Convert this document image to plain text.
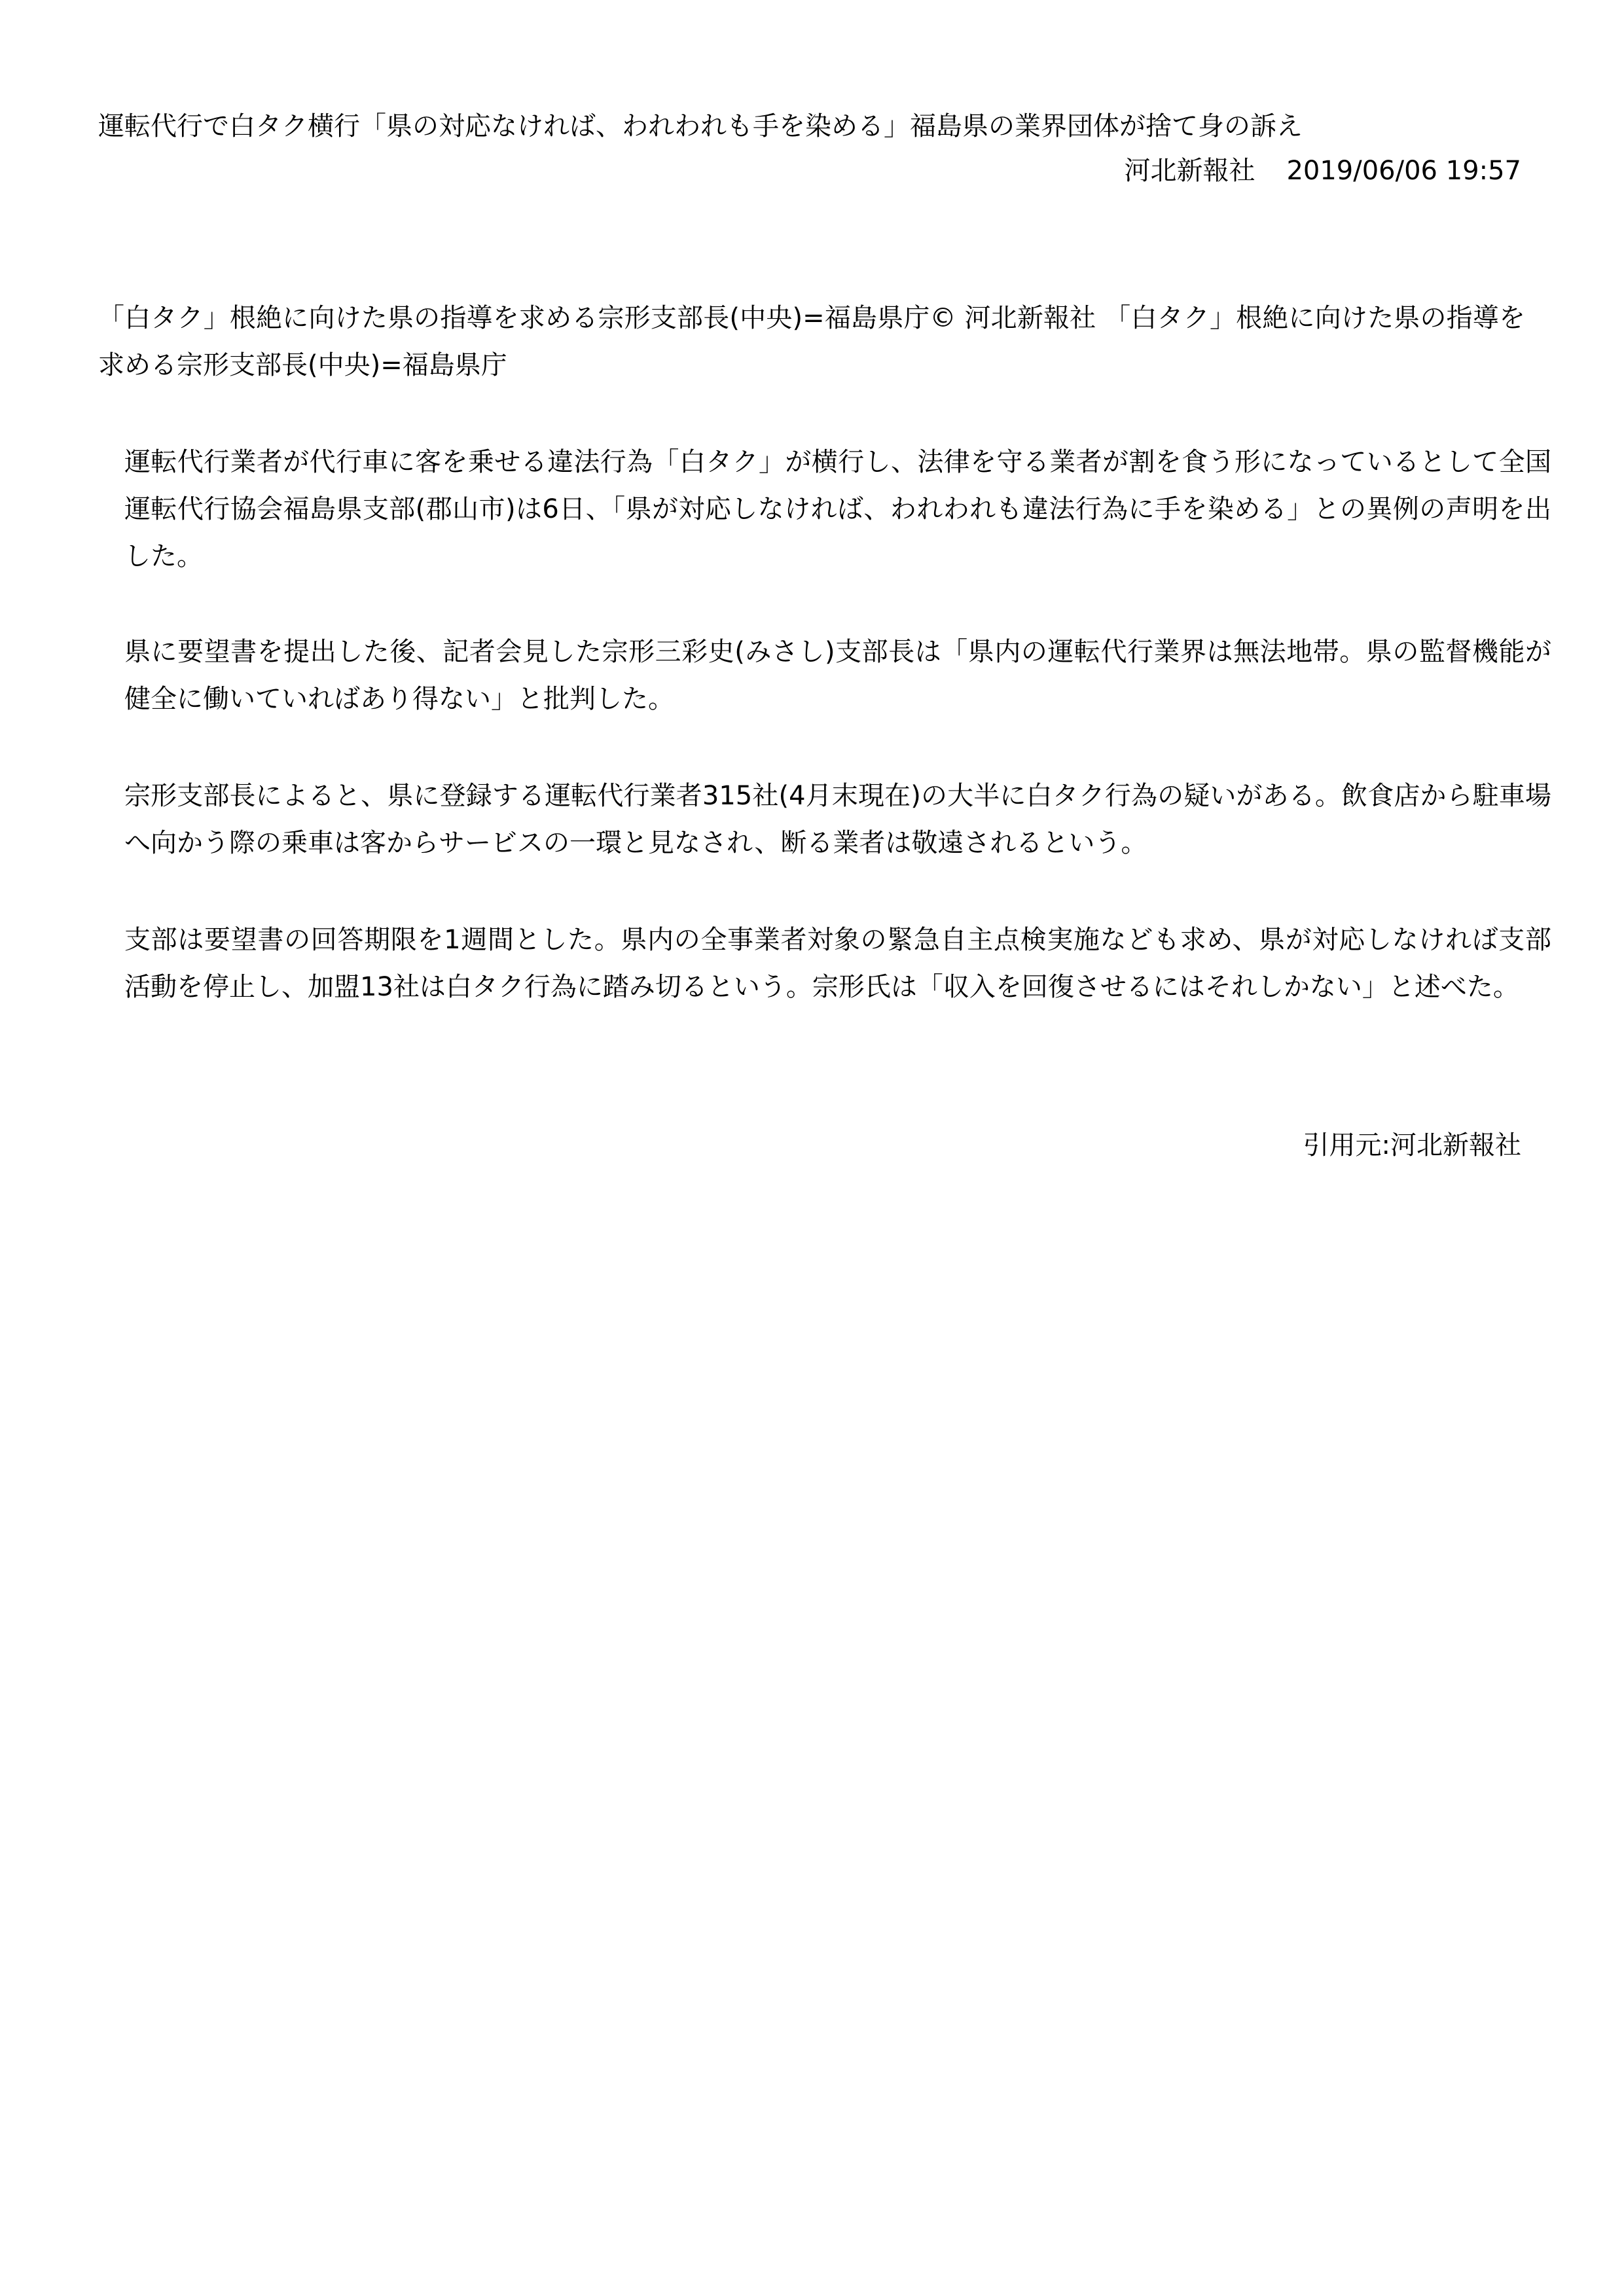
運転代行で白タク横行「県の対応なければ、われわれも手を染める」福島県の業界団体が捨て身の訴え
河北新報社 2019/06/06 19:57
「白タク」根絶に向けた県の指導を求める宗形支部長(中央)=福島県庁© 河北新報社 「白タク」根絶に向けた県の指導を求める宗形支部長(中央)=福島県庁
運転代行業者が代行車に客を乗せる違法行為「白タク」が横行し、法律を守る業者が割を食う形になっているとして全国運転代行協会福島県支部(郡山市)は6日、「県が対応しなければ、われわれも違法行為に手を染める」との異例の声明を出した。
県に要望書を提出した後、記者会見した宗形三彩史(みさし)支部長は「県内の運転代行業界は無法地帯。県の監督機能が健全に働いていればあり得ない」と批判した。
宗形支部長によると、県に登録する運転代行業者315社(4月末現在)の大半に白タク行為の疑いがある。飲食店から駐車場へ向かう際の乗車は客からサービスの一環と見なされ、断る業者は敬遠されるという。
支部は要望書の回答期限を1週間とした。県内の全事業者対象の緊急自主点検実施なども求め、県が対応しなければ支部活動を停止し、加盟13社は白タク行為に踏み切るという。宗形氏は「収入を回復させるにはそれしかない」と述べた。
引用元:河北新報社
